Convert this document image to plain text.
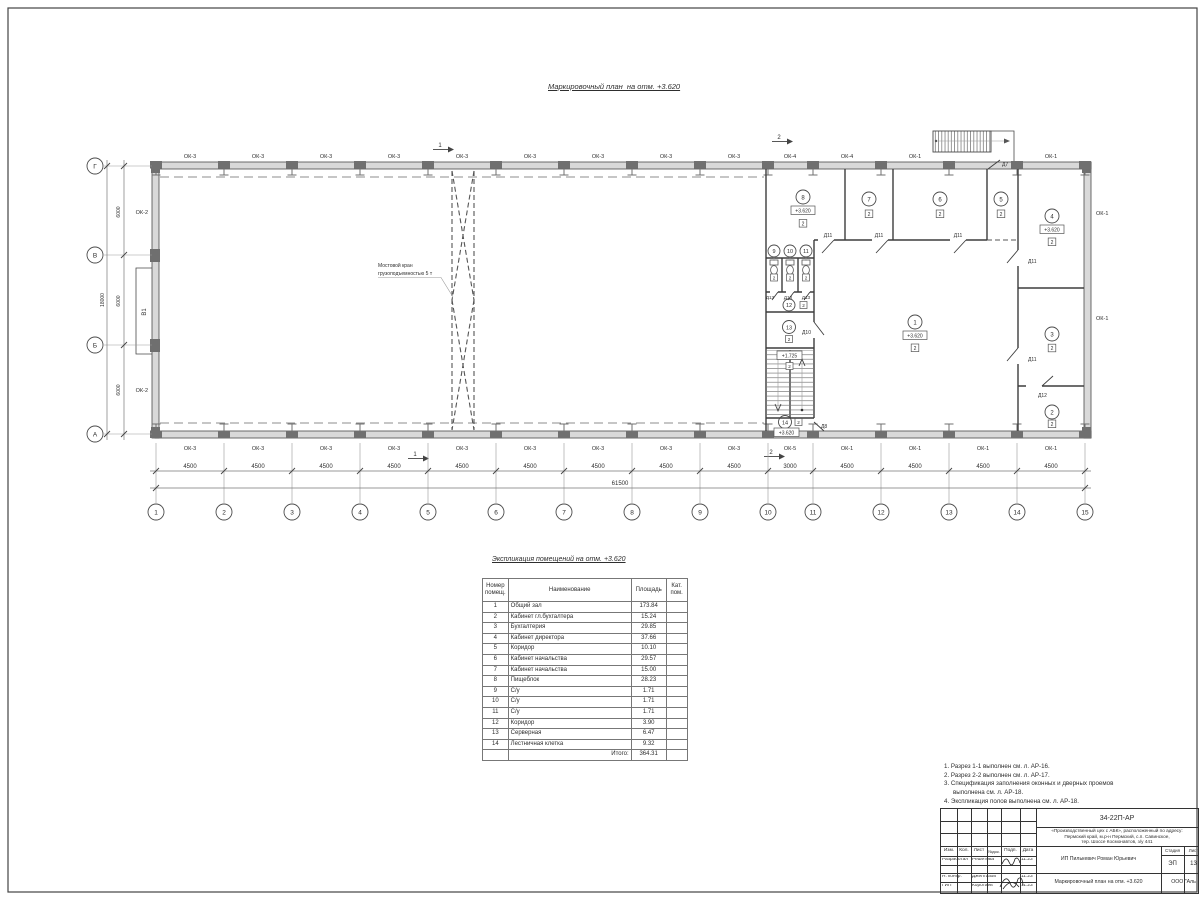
Мостовой кран
грузоподъемностью 5 т
В1
ОК-2
ОК-2
ОК-1
ОК-1
ОК-3	ОК-3	ОК-3	ОК-3	ОК-3	ОК-3	ОК-3	ОК-3	ОК-3	ОК-4	ОК-4	ОК-1	ОК-1
ОК-3	ОК-3	ОК-3	ОК-3	ОК-3	ОК-3	ОК-3	ОК-3	ОК-3	ОК-5	ОК-1	ОК-1	ОК-1	ОК-1
1
1
2
2
Д7
8
+3.620
2
7
2
6
2
5
2	4
+3.620
2
1
+3.620
2
3
2
2
2
9 10 11
2	2	2
12 2
13
2
+1.725
2
14 2
+3.620
Д11	Д11	Д11
Д11
Д11
Д12
Д13 Д13 Д13
Д10
Д8
4500	4500	4500	4500	4500	4500	4500	4500	4500	3000	4500	4500	4500	4500
61500
1	2	3	4	5	6	7	8	9	10	11	12	13	14	15
6000
6000
6000
18000
Г
В
Б
А
Маркировочный план  на отм. +3.620
Экспликация помещений на отм. +3.620
Номер помещ.	Наименование	Площадь	Кат. пом.
1	Общий зал	173.84	
2	Кабинет гл.бухгалтера	15.24	
3	Бухгалтерия	29.85	
4	Кабинет директора	37.66	
5	Коридор	10.10	
6	Кабинет начальства	29.57	
7	Кабинет начальства	15.00	
8	Пищеблок	28.23	
9	С/у	1.71	
10	С/у	1.71	
11	С/у	1.71	
12	Коридор	3.90	
13	Серверная	6.47	
14	Лестничная клетка	9.32	
	Итого:	364.31	
1. Разрез 1-1 выполнен см. л. АР-16.
2. Разрез 2-2 выполнен см. л. АР-17.
3. Спецификация заполнения оконных и дверных проемов выполнена см. л. АР-18.
4. Экспликация полов выполнена см. л. АР-18.
Изм.	Кол.	Лист №док. Подп.	Дата
Разработал Решетова	11.23
Н. контр.	Джелтазов	11.23
ГИП	Коротаев	11.23
34-22П-АР
«Производственный цех с АБК», расположенный по адресу:
Пермский край, м.р-н Пермский, с.п. Савинское,
тер. Шоссе Космонавтов, з/у 441
ИП Пилькевич Роман Юрьевич
Стадия	Лист
ЭП	13
Маркировочный план на отм. +3.620	ООО "Аль
